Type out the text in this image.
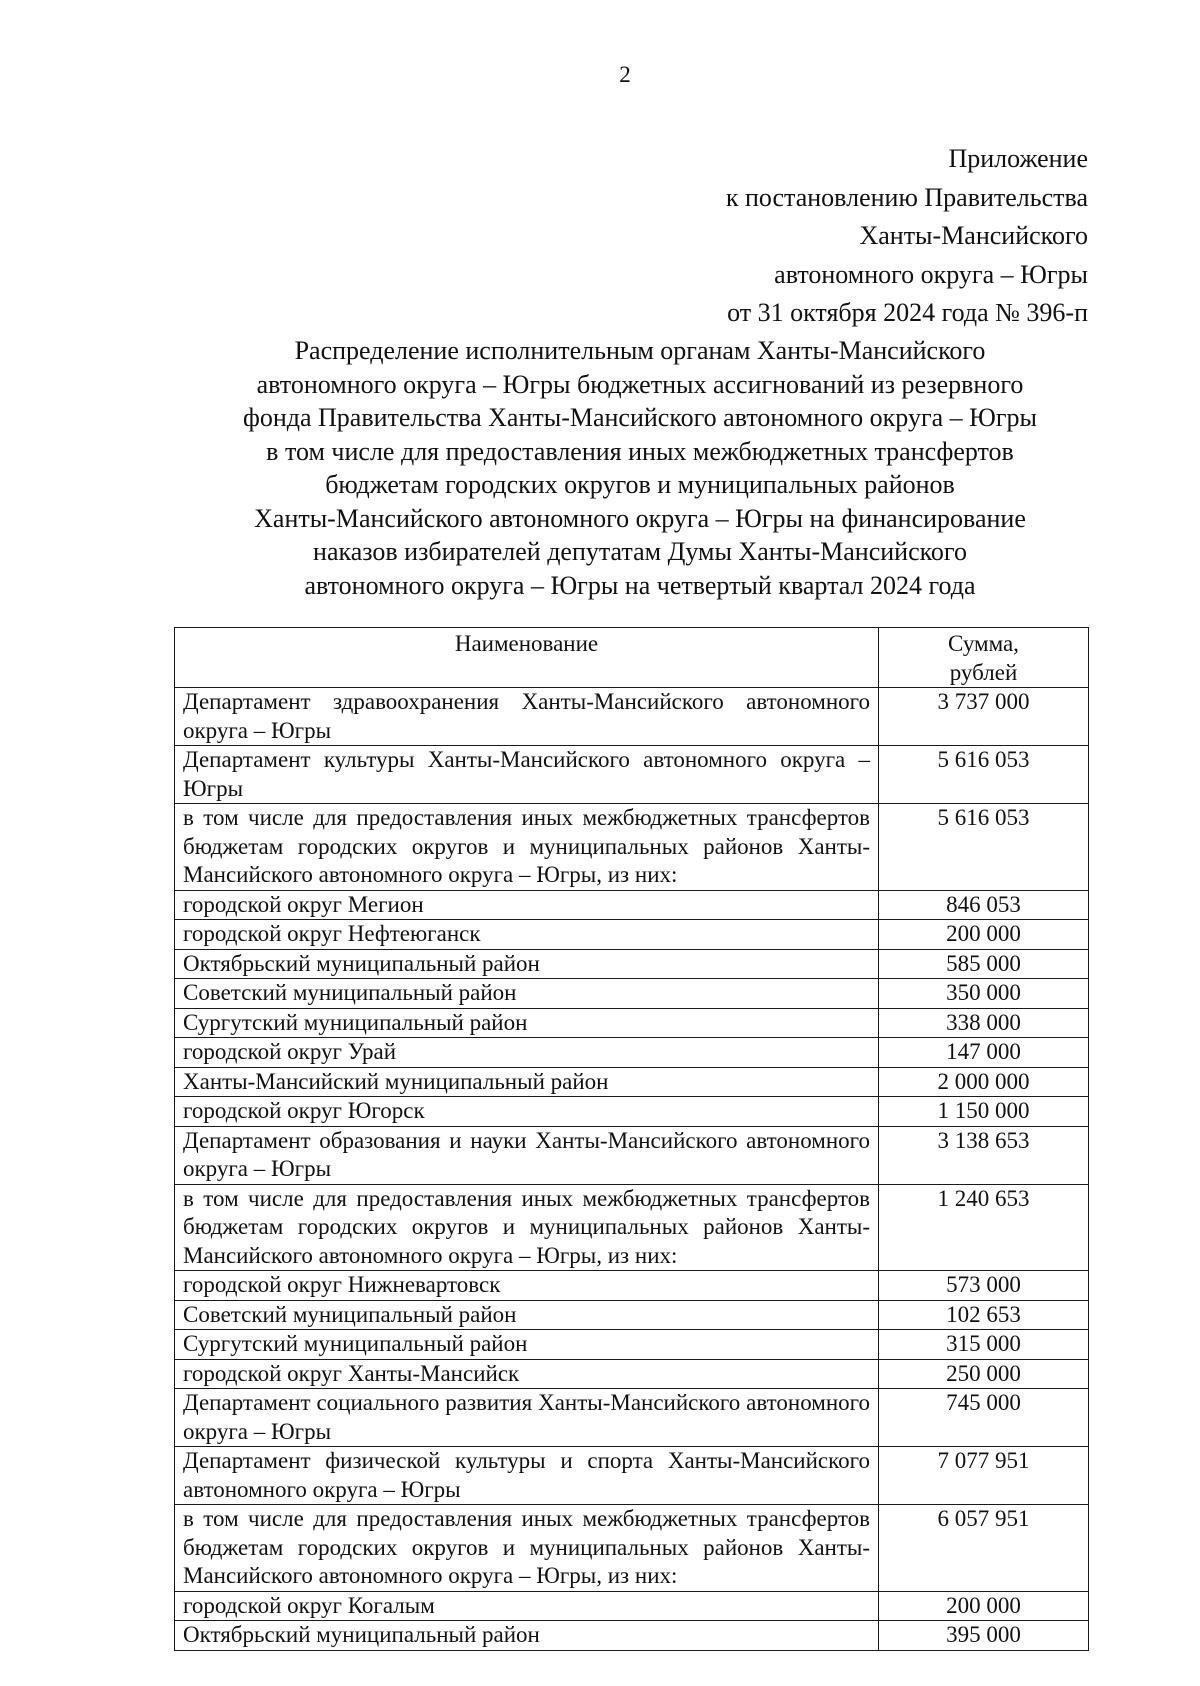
2
Приложение
к постановлению Правительства
Ханты-Мансийского
автономного округа – Югры
от 31 октября 2024 года № 396-п
Распределение исполнительным органам Ханты-Мансийского
автономного округа – Югры бюджетных ассигнований из резервного
фонда Правительства Ханты-Мансийского автономного округа – Югры
в том числе для предоставления иных межбюджетных трансфертов
бюджетам городских округов и муниципальных районов
Ханты-Мансийского автономного округа – Югры на финансирование
наказов избирателей депутатам Думы Ханты-Мансийского
автономного округа – Югры на четвертый квартал 2024 года
Наименование	Сумма,
рублей

Департамент здравоохранения Ханты-Мансийского автономного округа – Югры	3 737 000
Департамент культуры Ханты-Мансийского автономного округа – Югры	5 616 053
в том числе для предоставления иных межбюджетных трансфертов бюджетам городских округов и муниципальных районов Ханты-Мансийского автономного округа – Югры, из них:	5 616 053
городской округ Мегион	846 053
городской округ Нефтеюганск	200 000
Октябрьский муниципальный район	585 000
Советский муниципальный район	350 000
Сургутский муниципальный район	338 000
городской округ Урай	147 000
Ханты-Мансийский муниципальный район	2 000 000
городской округ Югорск	1 150 000
Департамент образования и науки Ханты-Мансийского автономного округа – Югры	3 138 653
в том числе для предоставления иных межбюджетных трансфертов бюджетам городских округов и муниципальных районов Ханты-Мансийского автономного округа – Югры, из них:	1 240 653
городской округ Нижневартовск	573 000
Советский муниципальный район	102 653
Сургутский муниципальный район	315 000
городской округ Ханты-Мансийск	250 000
Департамент социального развития Ханты-Мансийского автономного округа – Югры	745 000
Департамент физической культуры и спорта Ханты-Мансийского автономного округа – Югры	7 077 951
в том числе для предоставления иных межбюджетных трансфертов бюджетам городских округов и муниципальных районов Ханты-Мансийского автономного округа – Югры, из них:	6 057 951
городской округ Когалым	200 000
Октябрьский муниципальный район	395 000
